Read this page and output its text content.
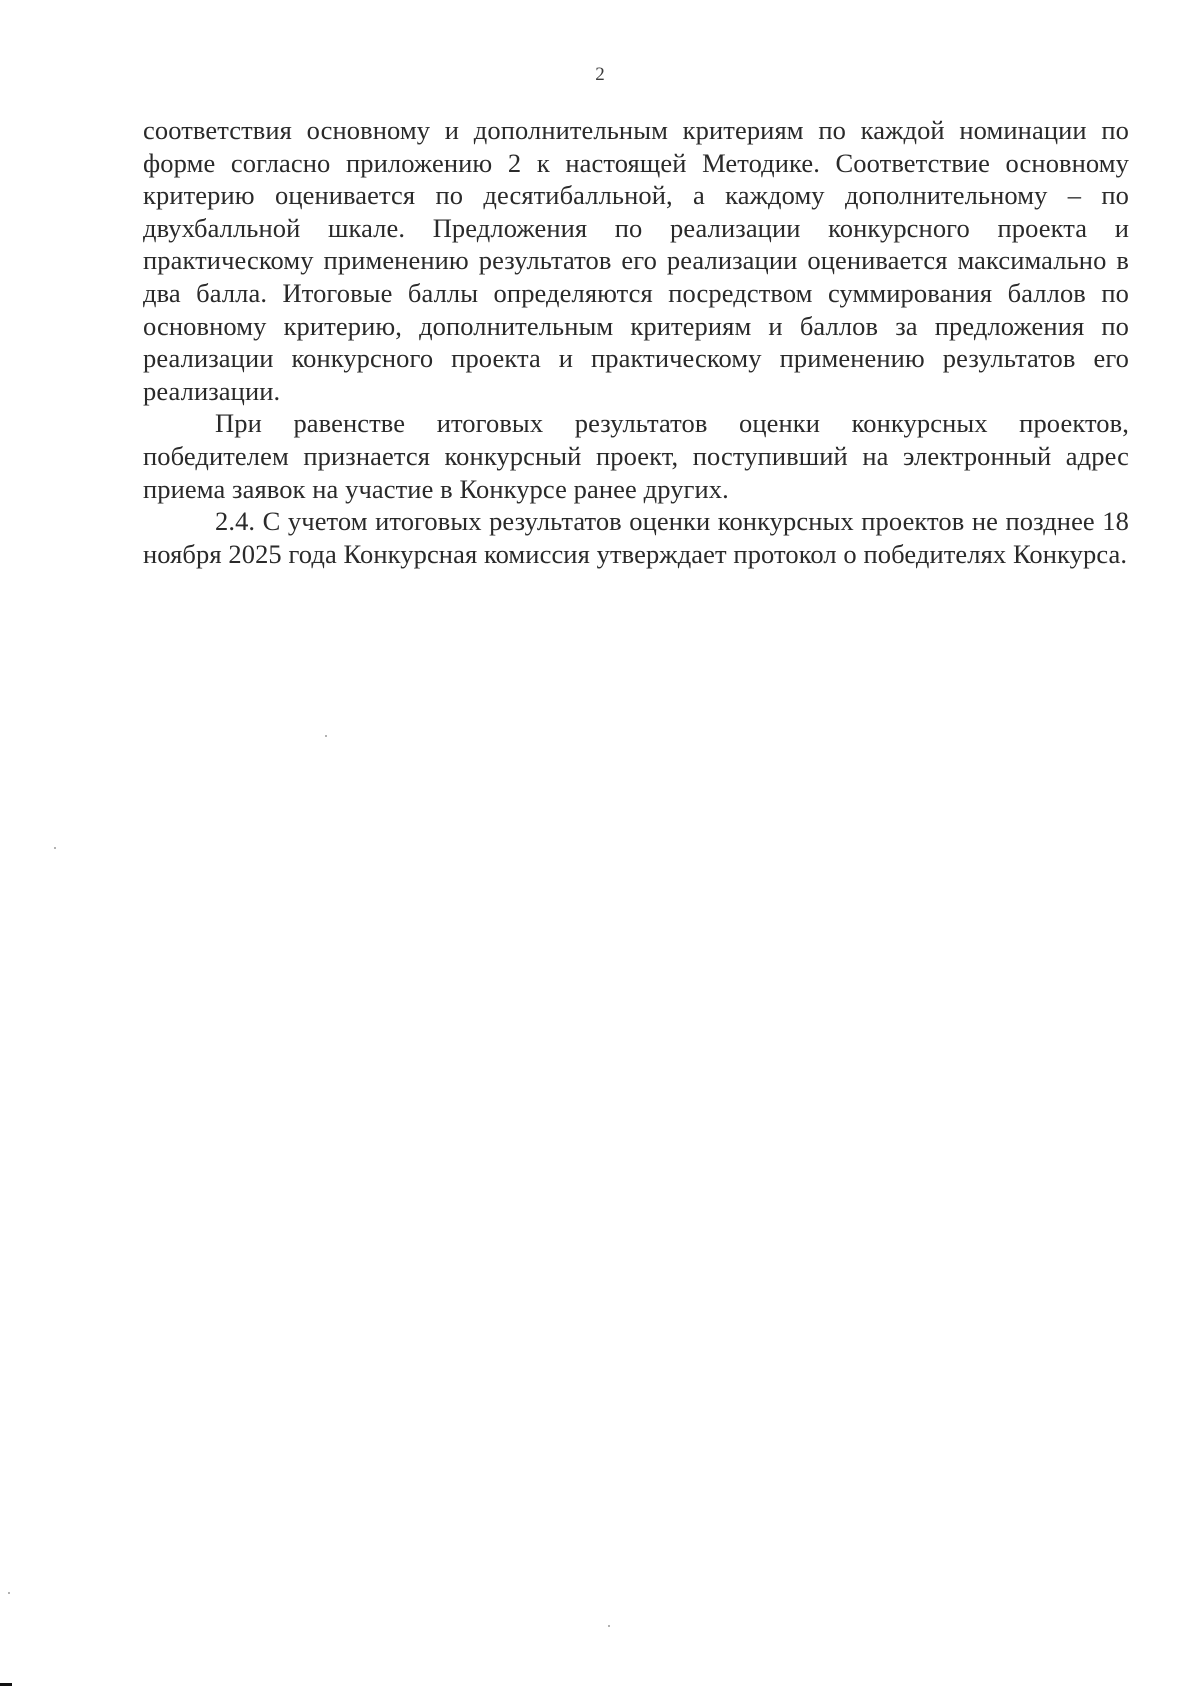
2

соответствия основному и дополнительным критериям по каждой номинации по форме согласно приложению 2 к настоящей Методике. Соответствие основному критерию оценивается по десятибалльной, а каждому дополнительному – по двухбалльной шкале. Предложения по реализации конкурсного проекта и практическому применению результатов его реализации оценивается максимально в два балла. Итоговые баллы определяются посредством суммирования баллов по основному критерию, дополнительным критериям и баллов за предложения по реализации конкурсного проекта и практическому применению результатов его реализации.

При равенстве итоговых результатов оценки конкурсных проектов, победителем признается конкурсный проект, поступивший на электронный адрес приема заявок на участие в Конкурсе ранее других.

2.4. С учетом итоговых результатов оценки конкурсных проектов не позднее 18 ноября 2025 года Конкурсная комиссия утверждает протокол о победителях Конкурса.
